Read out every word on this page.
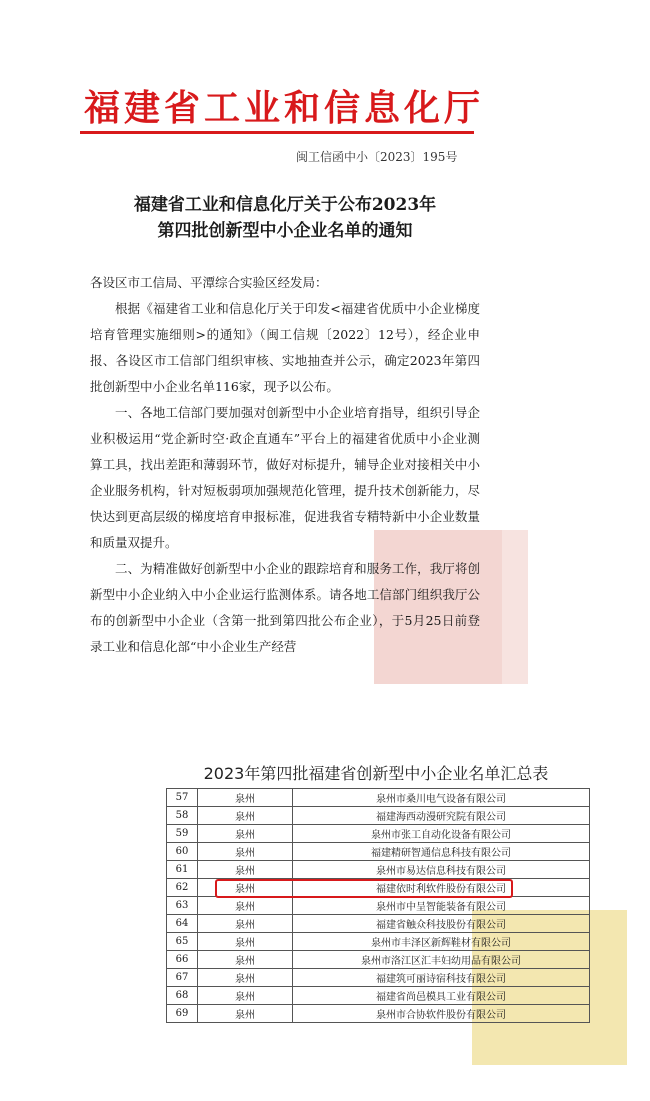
福建省工业和信息化厅
闽工信函中小〔2023〕195号
福建省工业和信息化厅关于公布2023年
第四批创新型中小企业名单的通知

各设区市工信局、平潭综合实验区经发局：

根据《福建省工业和信息化厅关于印发<福建省优质中小企业梯度培育管理实施细则>的通知》（闽工信规〔2022〕12号），经企业申报、各设区市工信部门组织审核、实地抽查并公示，确定2023年第四批创新型中小企业名单116家，现予以公布。

一、各地工信部门要加强对创新型中小企业培育指导，组织引导企业积极运用“党企新时空·政企直通车”平台上的福建省优质中小企业测算工具，找出差距和薄弱环节，做好对标提升，辅导企业对接相关中小企业服务机构，针对短板弱项加强规范化管理，提升技术创新能力，尽快达到更高层级的梯度培育申报标准，促进我省专精特新中小企业数量和质量双提升。

二、为精准做好创新型中小企业的跟踪培育和服务工作，我厅将创新型中小企业纳入中小企业运行监测体系。请各地工信部门组织我厅公布的创新型中小企业（含第一批到第四批公布企业），于5月25日前登录工业和信息化部“中小企业生产经营

2023年第四批福建省创新型中小企业名单汇总表
57	泉州	泉州市桑川电气设备有限公司
58	泉州	福建海西动漫研究院有限公司
59	泉州	泉州市张工自动化设备有限公司
60	泉州	福建精研智通信息科技有限公司
61	泉州	泉州市易达信息科技有限公司
62	泉州	福建依时利软件股份有限公司
63	泉州	泉州市中呈智能装备有限公司
64	泉州	福建省触众科技股份有限公司
65	泉州	泉州市丰泽区新辉鞋材有限公司
66	泉州	泉州市洛江区汇丰妇幼用品有限公司
67	泉州	福建筑可丽诗宿科技有限公司
68	泉州	福建省尚邑模具工业有限公司
69	泉州	泉州市合协软件股份有限公司
